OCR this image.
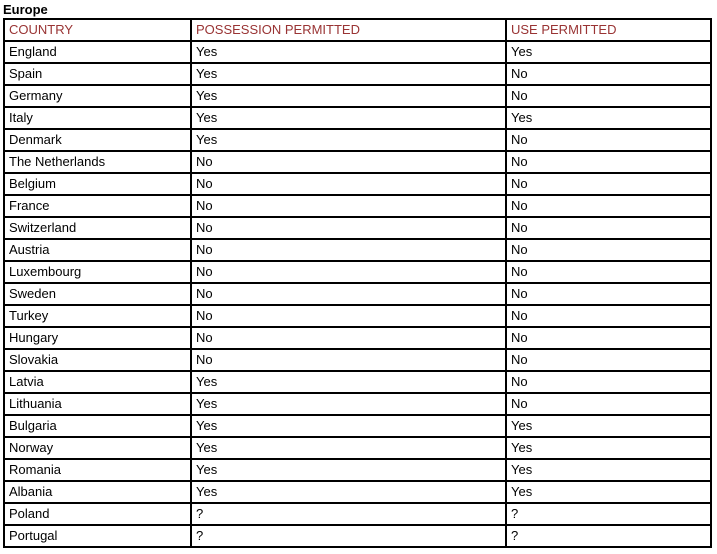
Europe
COUNTRY	POSSESSION PERMITTED	USE PERMITTED
England	Yes	Yes
Spain	Yes	No
Germany	Yes	No
Italy	Yes	Yes
Denmark	Yes	No
The Netherlands	No	No
Belgium	No	No
France	No	No
Switzerland	No	No
Austria	No	No
Luxembourg	No	No
Sweden	No	No
Turkey	No	No
Hungary	No	No
Slovakia	No	No
Latvia	Yes	No
Lithuania	Yes	No
Bulgaria	Yes	Yes
Norway	Yes	Yes
Romania	Yes	Yes
Albania	Yes	Yes
Poland	?	?
Portugal	?	?
